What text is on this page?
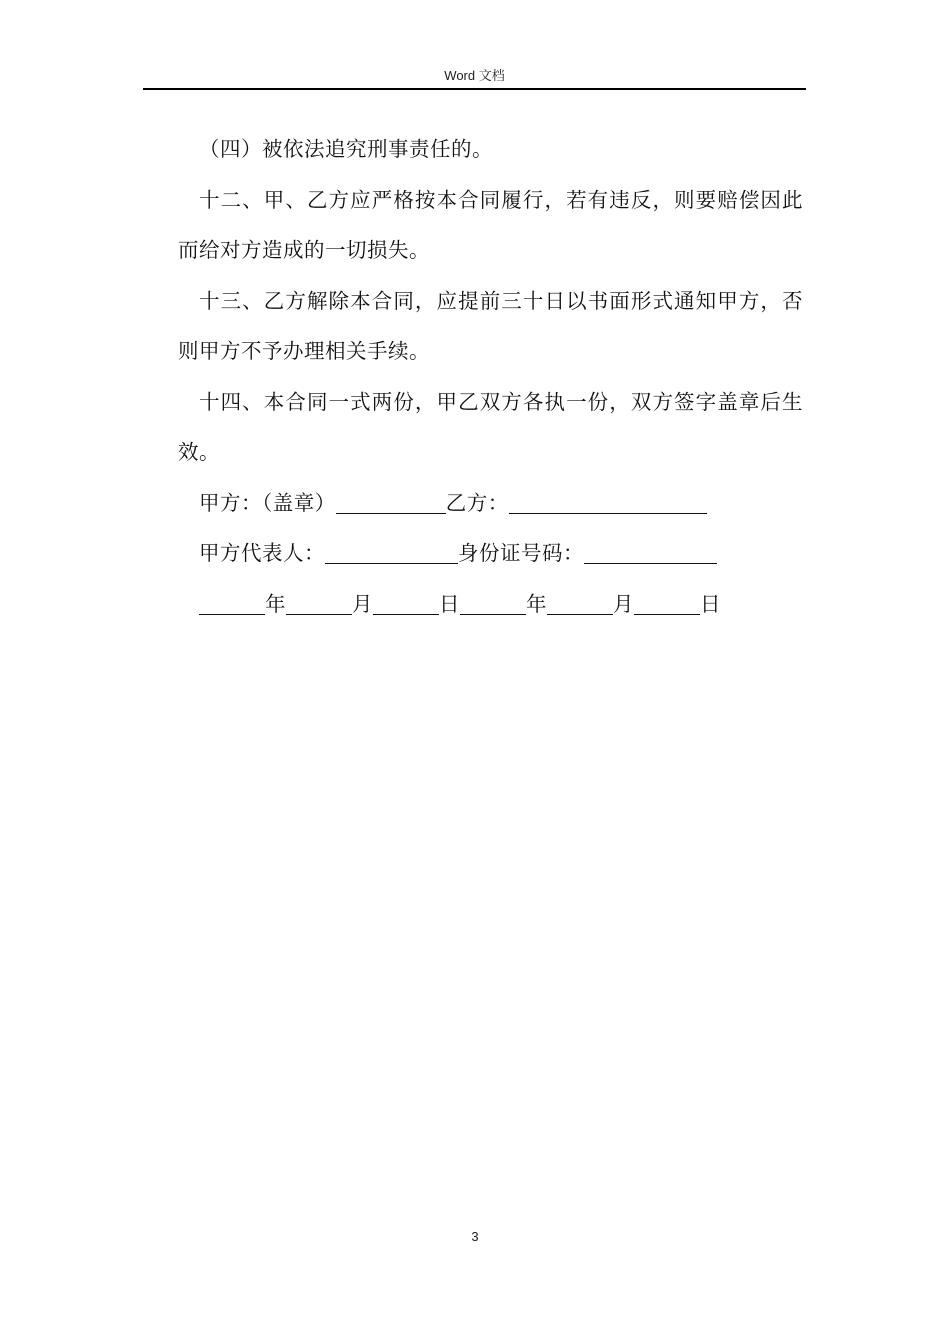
Word 文档

（四）被依法追究刑事责任的。

十二、甲、乙方应严格按本合同履行，若有违反，则要赔偿因此而给对方造成的一切损失。

十三、乙方解除本合同，应提前三十日以书面形式通知甲方，否则甲方不予办理相关手续。

十四、本合同一式两份，甲乙双方各执一份，双方签字盖章后生效。

甲方：（盖章）	乙方：

甲方代表人：	身份证号码：

年	月	日	年	月	日

3
